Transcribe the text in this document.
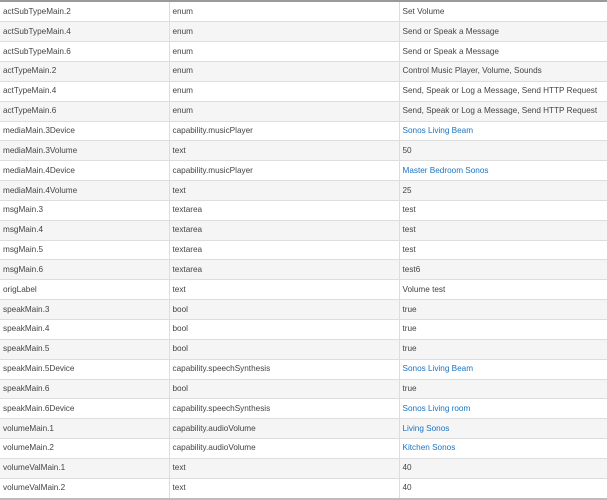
actSubTypeMain.2	enum	Set Volume
actSubTypeMain.4	enum	Send or Speak a Message
actSubTypeMain.6	enum	Send or Speak a Message
actTypeMain.2	enum	Control Music Player, Volume, Sounds
actTypeMain.4	enum	Send, Speak or Log a Message, Send HTTP Request
actTypeMain.6	enum	Send, Speak or Log a Message, Send HTTP Request
mediaMain.3Device	capability.musicPlayer	Sonos Living Beam
mediaMain.3Volume	text	50
mediaMain.4Device	capability.musicPlayer	Master Bedroom Sonos
mediaMain.4Volume	text	25
msgMain.3	textarea	test
msgMain.4	textarea	test
msgMain.5	textarea	test
msgMain.6	textarea	test6
origLabel	text	Volume test
speakMain.3	bool	true
speakMain.4	bool	true
speakMain.5	bool	true
speakMain.5Device	capability.speechSynthesis	Sonos Living Beam
speakMain.6	bool	true
speakMain.6Device	capability.speechSynthesis	Sonos Living room
volumeMain.1	capability.audioVolume	Living Sonos
volumeMain.2	capability.audioVolume	Kitchen Sonos
volumeValMain.1	text	40
volumeValMain.2	text	40
